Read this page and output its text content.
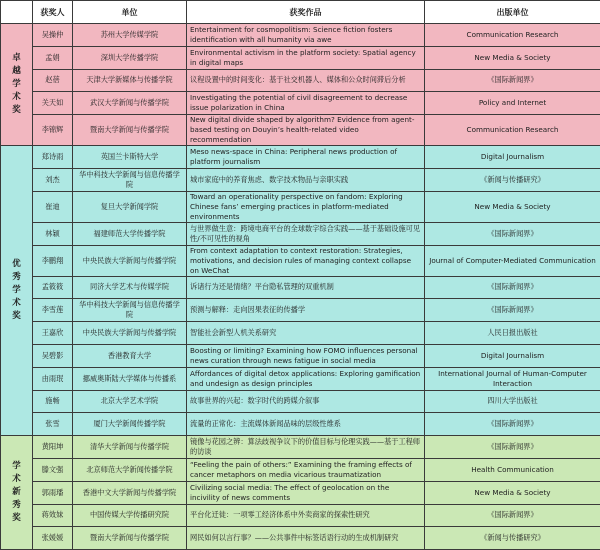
	获奖人	单位	获奖作品	出版单位
卓越学术奖	吴操仲	苏州大学传媒学院	Entertainment for cosmopolitism: Science fiction fosters identification with all humanity via awe	Communication Research
	孟娟	深圳大学传播学院	Environmental activism in the platform society: Spatial agency in digital maps	New Media & Society
	赵蓓	天津大学新媒体与传播学院	议程设置中的时间变化：基于社交机器人、媒体和公众时间滞后分析	《国际新闻界》
	关天如	武汉大学新闻与传播学院	Investigating the potential of civil disagreement to decrease issue polarization in China	Policy and Internet
	李锦辉	暨南大学新闻与传播学院	New digital divide shaped by algorithm? Evidence from agent-based testing on Douyin’s health-related video recommendation	Communication Research
优秀学术奖	郑诗雨	英国兰卡斯特大学	Meso news-space in China: Peripheral news production of platform journalism	Digital Journalism
	刘杰	华中科技大学新闻与信息传播学院	城市家庭中的养育焦虑、数字技术物品与亲职实践	《新闻与传播研究》
	崔迪	复旦大学新闻学院	Toward an operationality perspective on fandom: Exploring Chinese fans’ emerging practices in platform-mediated environments	New Media & Society
	林颖	福建师范大学传播学院	与世界做生意：跨境电商平台的全球数字综合实践——基于基础设施可见性/不可见性的视角	《国际新闻界》
	李鹏翔	中央民族大学新闻与传播学院	From context adaptation to context restoration: Strategies, motivations, and decision rules of managing context collapse on WeChat	Journal of Computer-Mediated Communication
	孟筱筱	同济大学艺术与传媒学院	诉诸行为还是情绪？平台隐私管理的双重机制	《国际新闻界》
	李雪莲	华中科技大学新闻与信息传播学院	预测与解释：走向因果表征的传播学	《国际新闻界》
	王嘉欣	中央民族大学新闻与传播学院	智能社会新型人机关系研究	人民日报出版社
	吴碧影	香港教育大学	Boosting or limiting? Examining how FOMO influences personal news curation through news fatigue in social media	Digital Journalism
	由雨珉	挪威奥斯陆大学媒体与传播系	Affordances of digital detox applications: Exploring gamification and undesign as design principles	International Journal of Human-Computer Interaction
	施畅	北京大学艺术学院	故事世界的兴起：数字时代的跨媒介叙事	四川大学出版社
	张雪	厦门大学新闻传播学院	流量的正常化：主流媒体新闻品味的层级性维系	《国际新闻界》
学术新秀奖	黄阳坤	清华大学新闻与传播学院	镜像与花园之辨：算法歧视争议下的价值目标与伦理实践——基于工程师的访谈	《国际新闻界》
	滕文强	北京师范大学新闻传播学院	“Feeling the pain of others:” Examining the framing effects of cancer metaphors on media vicarious traumatization	Health Communication
	郭雨璠	香港中文大学新闻与传播学院	Civilizing social media: The effect of geolocation on the incivility of news comments	New Media & Society
	蒋效妹	中国传媒大学传播研究院	平台化迁徙：一项零工经济体系中外卖商家的探索性研究	《国际新闻界》
	张媛媛	暨南大学新闻与传播学院	网民如何以言行事？——公共事件中标签话语行动的生成机制研究	《新闻与传播研究》
